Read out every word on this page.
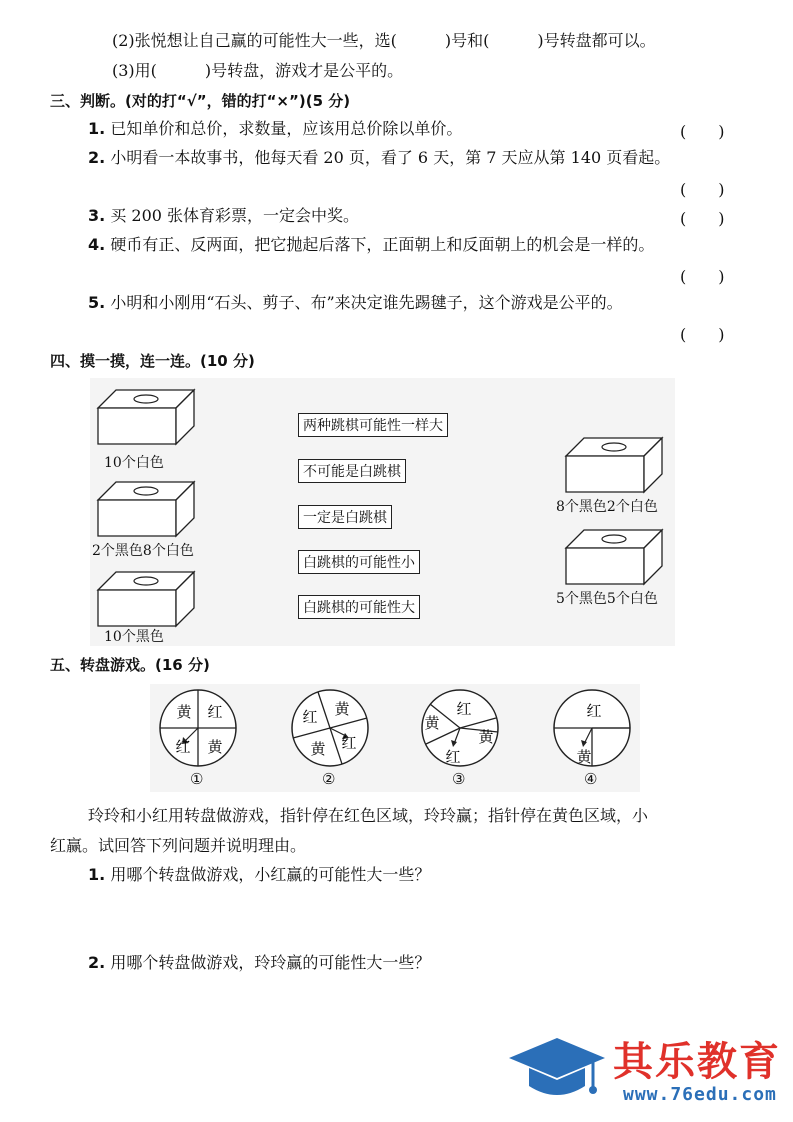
(2)张悦想让自己赢的可能性大一些，选(　　　)号和(　　　)号转盘都可以。
(3)用(　　　)号转盘，游戏才是公平的。
三、判断。(对的打“√”，错的打“×”)(5 分)
1. 已知单价和总价，求数量，应该用总价除以单价。	(　　)
2. 小明看一本故事书，他每天看 20 页，看了 6 天，第 7 天应从第 140 页看起。
(　　)
3. 买 200 张体育彩票，一定会中奖。	(　　)
4. 硬币有正、反两面，把它抛起后落下，正面朝上和反面朝上的机会是一样的。
(　　)
5. 小明和小刚用“石头、剪子、布”来决定谁先踢毽子，这个游戏是公平的。
(　　)
四、摸一摸，连一连。(10 分)
10个白色
2个黑色8个白色
10个黑色
两种跳棋可能性一样大
不可能是白跳棋
一定是白跳棋
白跳棋的可能性小
白跳棋的可能性大
8个黑色2个白色
5个黑色5个白色
五、转盘游戏。(16 分)
黄 红
红 黄
①
红 黄
黄 红
②
黄
红
黄
红
③
红
黄
④
玲玲和小红用转盘做游戏，指针停在红色区域，玲玲赢；指针停在黄色区域，小
红赢。试回答下列问题并说明理由。
1. 用哪个转盘做游戏，小红赢的可能性大一些？
2. 用哪个转盘做游戏，玲玲赢的可能性大一些？
其乐教育
www.76edu.com
